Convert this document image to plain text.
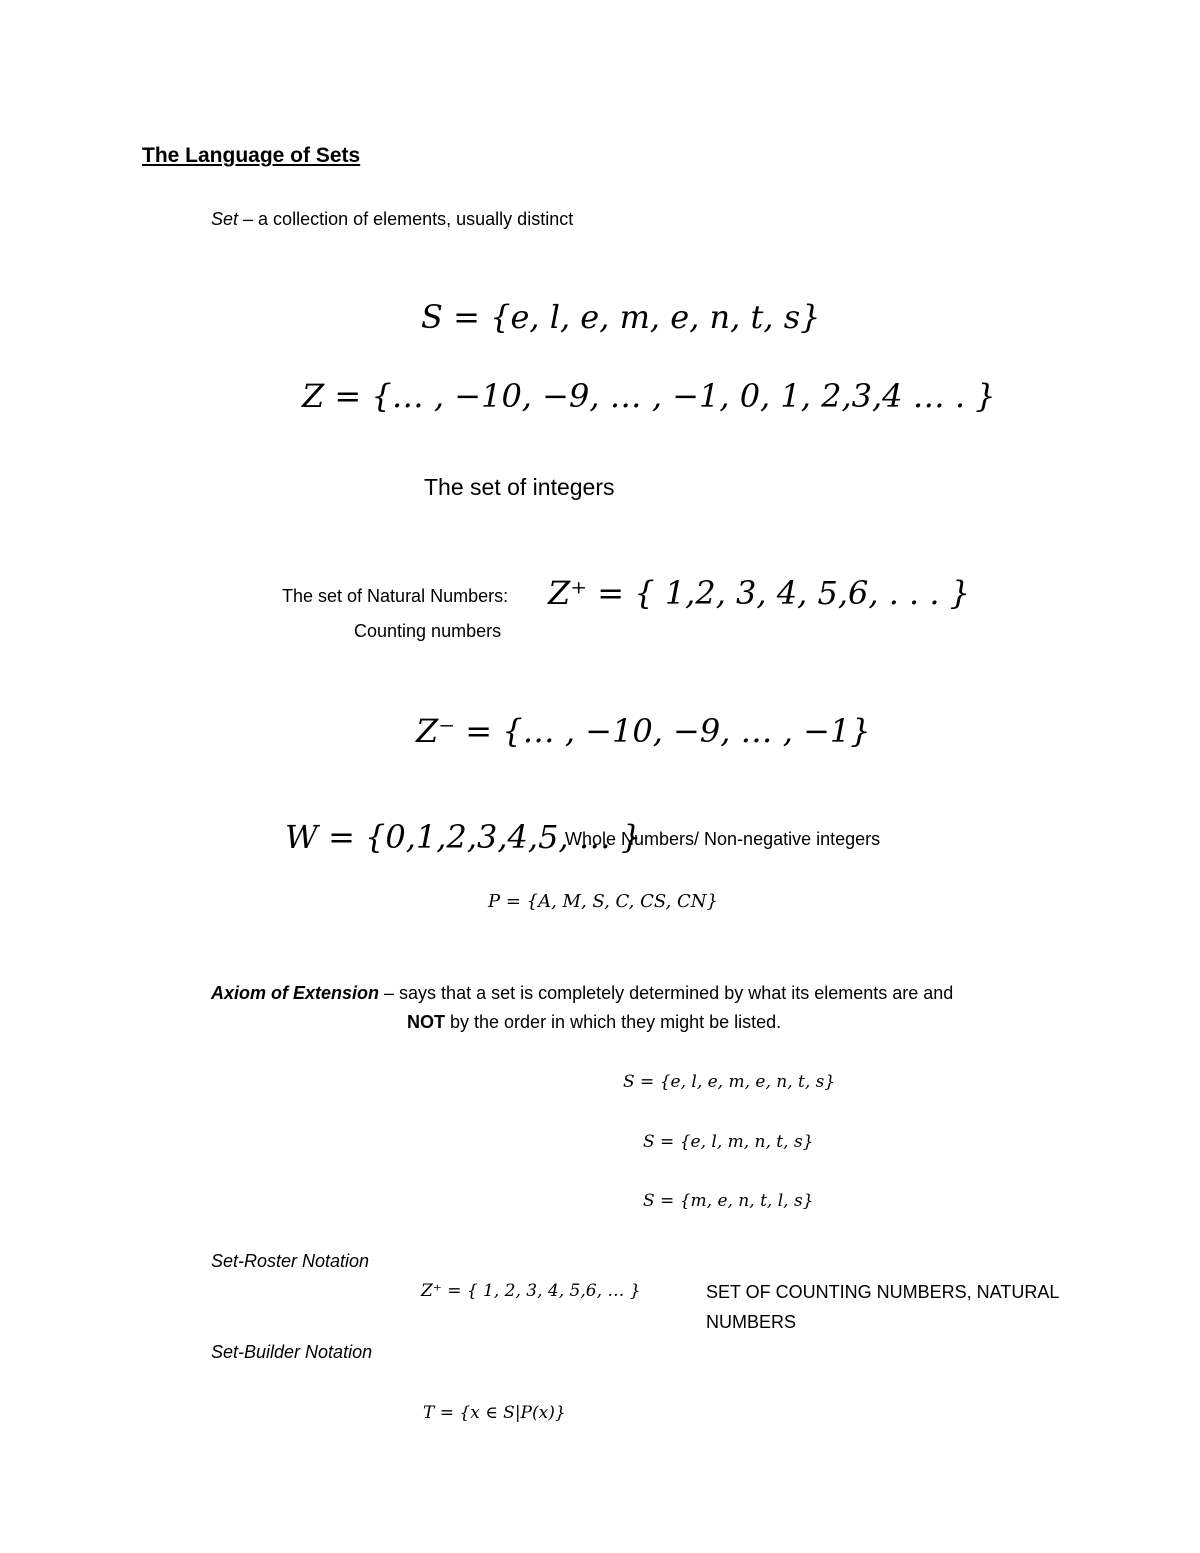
The Language of Sets
Set – a collection of elements, usually distinct
S = {e, l, e, m, e, n, t, s}
Z = {… , −10, −9, … , −1, 0, 1, 2,3,4 … . }
The set of integers
The set of Natural Numbers: Z⁺ = { 1,2, 3, 4, 5,6, . . . }
Counting numbers
Z⁻ = {… , −10, −9, … , −1}
W = {0,1,2,3,4,5, … }
Whole Numbers/ Non-negative integers
P = {A, M, S, C, CS, CN}
Axiom of Extension – says that a set is completely determined by what its elements are and
NOT by the order in which they might be listed.
S = {e, l, e, m, e, n, t, s}
S = {e, l, m, n, t, s}
S = {m, e, n, t, l, s}
Set-Roster Notation
Z⁺ = { 1, 2, 3, 4, 5,6, … }	SET OF COUNTING NUMBERS, NATURAL
NUMBERS
Set-Builder Notation
T = {x ∈ S|P(x)}
